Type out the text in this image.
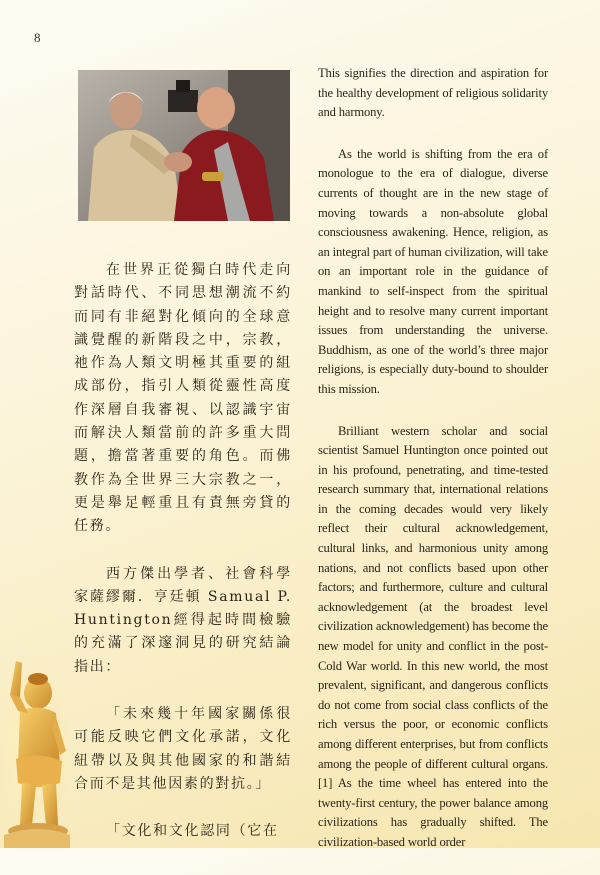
8

在世界正從獨白時代走向對話時代、不同思想潮流不約而同有非絕對化傾向的全球意識覺醒的新階段之中，宗教，祂作為人類文明極其重要的組成部份，指引人類從靈性高度作深層自我審視、以認識宇宙而解決人類當前的許多重大問題，擔當著重要的角色。而佛教作為全世界三大宗教之一，更是舉足輕重且有責無旁貸的任務。

西方傑出學者、社會科學家薩繆爾．亨廷頓 Samual P. Huntington經得起時間檢驗的充滿了深邃洞見的研究結論指出：

「未來幾十年國家關係很可能反映它們文化承諾，文化紐帶以及與其他國家的和諧結合而不是其他因素的對抗。」

「文化和文化認同（它在

This signifies the direction and aspiration for the healthy development of religious solidarity and harmony.

As the world is shifting from the era of monologue to the era of dialogue, diverse currents of thought are in the new stage of moving towards a non-absolute global consciousness awakening. Hence, religion, as an integral part of human civilization, will take on an important role in the guidance of mankind to self-inspect from the spiritual height and to resolve many current important issues from understanding the universe. Buddhism, as one of the world’s three major religions, is especially duty-bound to shoulder this mission.

Brilliant western scholar and social scientist Samuel Huntington once pointed out in his profound, penetrating, and time-tested research summary that, international relations in the coming decades would very likely reflect their cultural acknowledgement, cultural links, and harmonious unity among nations, and not conflicts based upon other factors; and furthermore, culture and cultural acknowledgement (at the broadest level civilization acknowledgement) has become the new model for unity and conflict in the post-Cold War world. In this new world, the most prevalent, significant, and dangerous conflicts do not come from social class conflicts of the rich versus the poor, or economic conflicts among different enterprises, but from conflicts among the people of different cultural organs. [1] As the time wheel has entered into the twenty-first century, the power balance among civilizations has gradually shifted. The civilization-based world order
